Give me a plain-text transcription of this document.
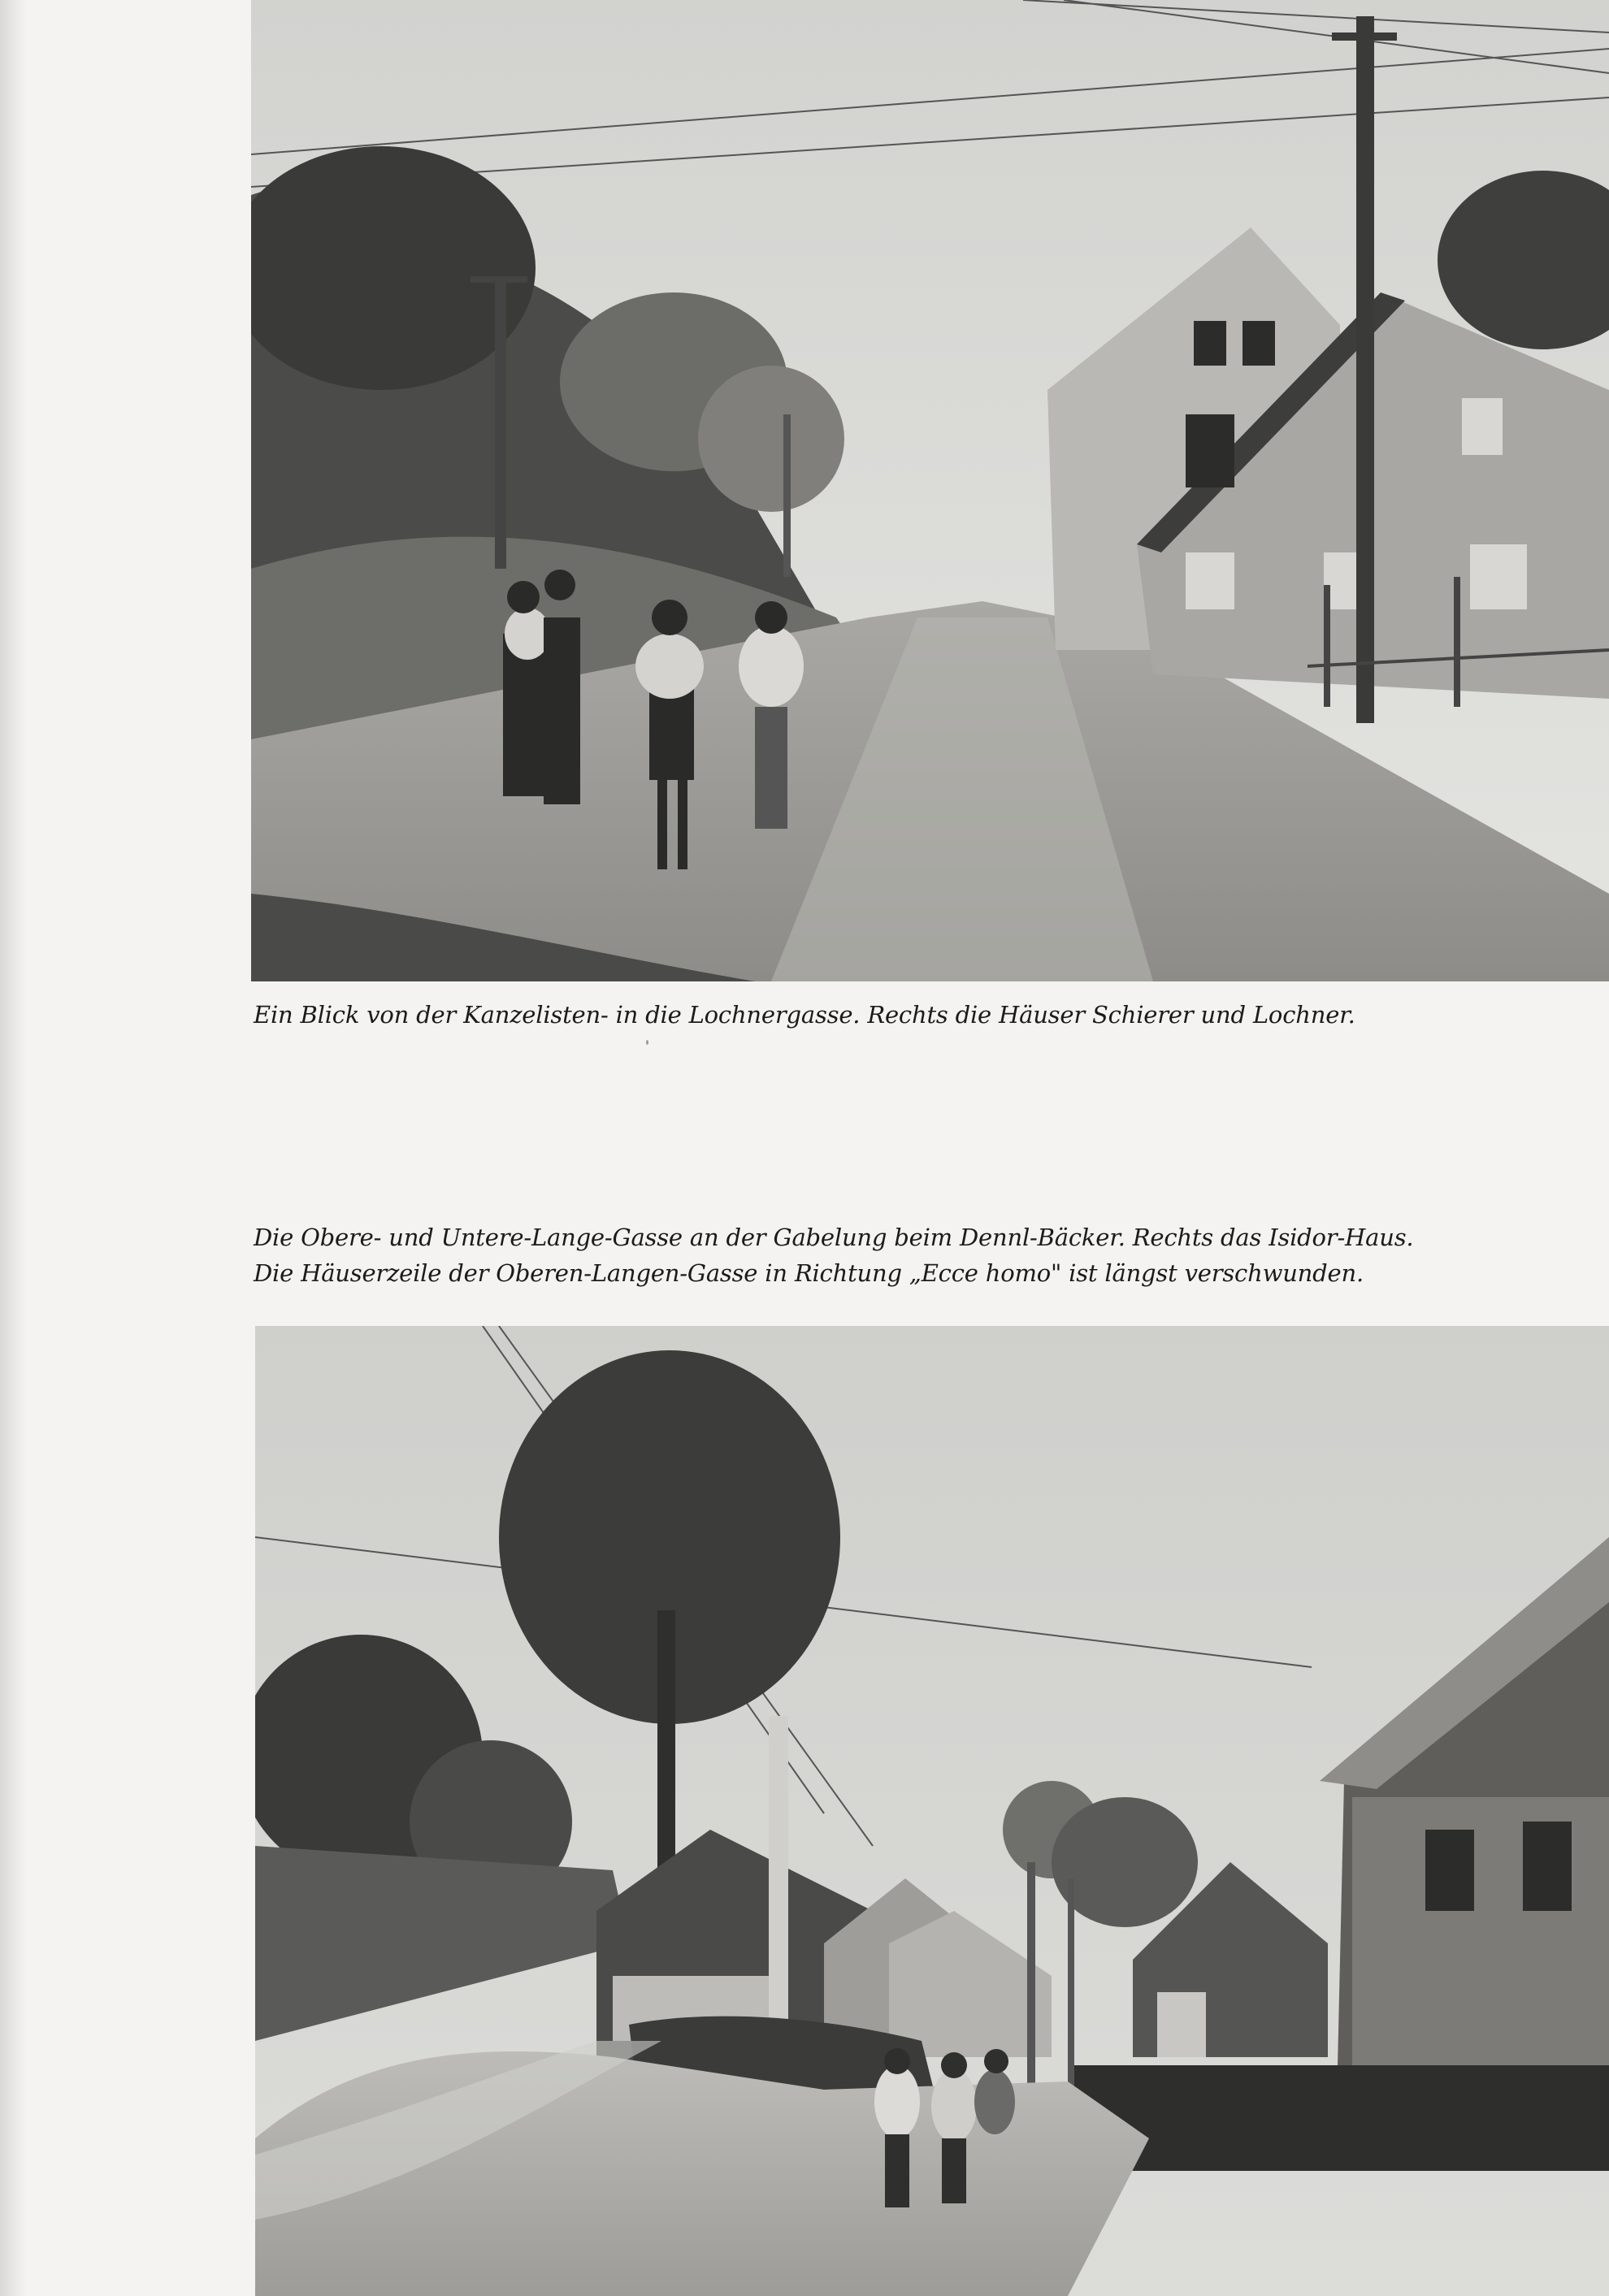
Ein Blick von der Kanzelisten- in die Lochnergasse. Rechts die Häuser Schierer und Lochner.

Die Obere- und Untere-Lange-Gasse an der Gabelung beim Dennl-Bäcker. Rechts das Isidor-Haus.

Die Häuserzeile der Oberen-Langen-Gasse in Richtung „Ecce homo" ist längst verschwunden.
